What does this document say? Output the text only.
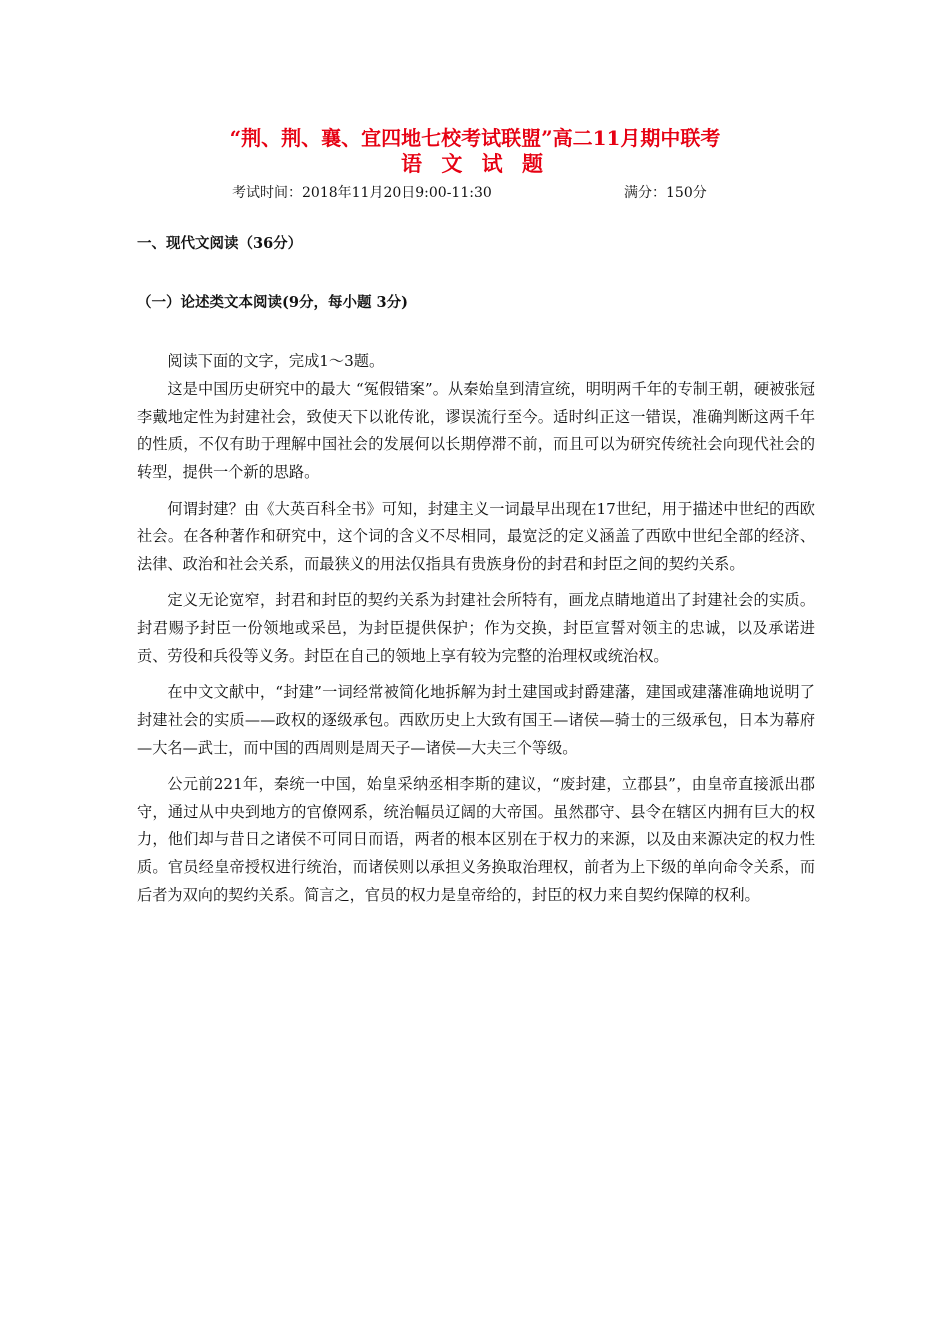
“荆、荆、襄、宜四地七校考试联盟”高二11月期中联考
语 文 试 题
考试时间：2018年11月20日9:00-11:30	满分：150分
一、现代文阅读（36分）
（一）论述类文本阅读(9分，每小题 3分)

阅读下面的文字，完成1～3题。

这是中国历史研究中的最大 “冤假错案”。从秦始皇到清宣统，明明两千年的专制王朝，硬被张冠李戴地定性为封建社会，致使天下以讹传讹，谬误流行至今。适时纠正这一错误，准确判断这两千年的性质，不仅有助于理解中国社会的发展何以长期停滞不前，而且可以为研究传统社会向现代社会的转型，提供一个新的思路。

何谓封建？由《大英百科全书》可知，封建主义一词最早出现在17世纪，用于描述中世纪的西欧社会。在各种著作和研究中，这个词的含义不尽相同，最宽泛的定义涵盖了西欧中世纪全部的经济、法律、政治和社会关系，而最狭义的用法仅指具有贵族身份的封君和封臣之间的契约关系。

定义无论宽窄，封君和封臣的契约关系为封建社会所特有，画龙点睛地道出了封建社会的实质。封君赐予封臣一份领地或采邑，为封臣提供保护；作为交换，封臣宣誓对领主的忠诚，以及承诺进贡、劳役和兵役等义务。封臣在自己的领地上享有较为完整的治理权或统治权。

在中文文献中，“封建”一词经常被简化地拆解为封土建国或封爵建藩，建国或建藩准确地说明了封建社会的实质——政权的逐级承包。西欧历史上大致有国王—诸侯—骑士的三级承包，日本为幕府—大名—武士，而中国的西周则是周天子—诸侯—大夫三个等级。

公元前221年，秦统一中国，始皇采纳丞相李斯的建议，“废封建，立郡县”，由皇帝直接派出郡守，通过从中央到地方的官僚网系，统治幅员辽阔的大帝国。虽然郡守、县令在辖区内拥有巨大的权力，他们却与昔日之诸侯不可同日而语，两者的根本区别在于权力的来源，以及由来源决定的权力性质。官员经皇帝授权进行统治，而诸侯则以承担义务换取治理权，前者为上下级的单向命令关系，而后者为双向的契约关系。简言之，官员的权力是皇帝给的，封臣的权力来自契约保障的权利。
